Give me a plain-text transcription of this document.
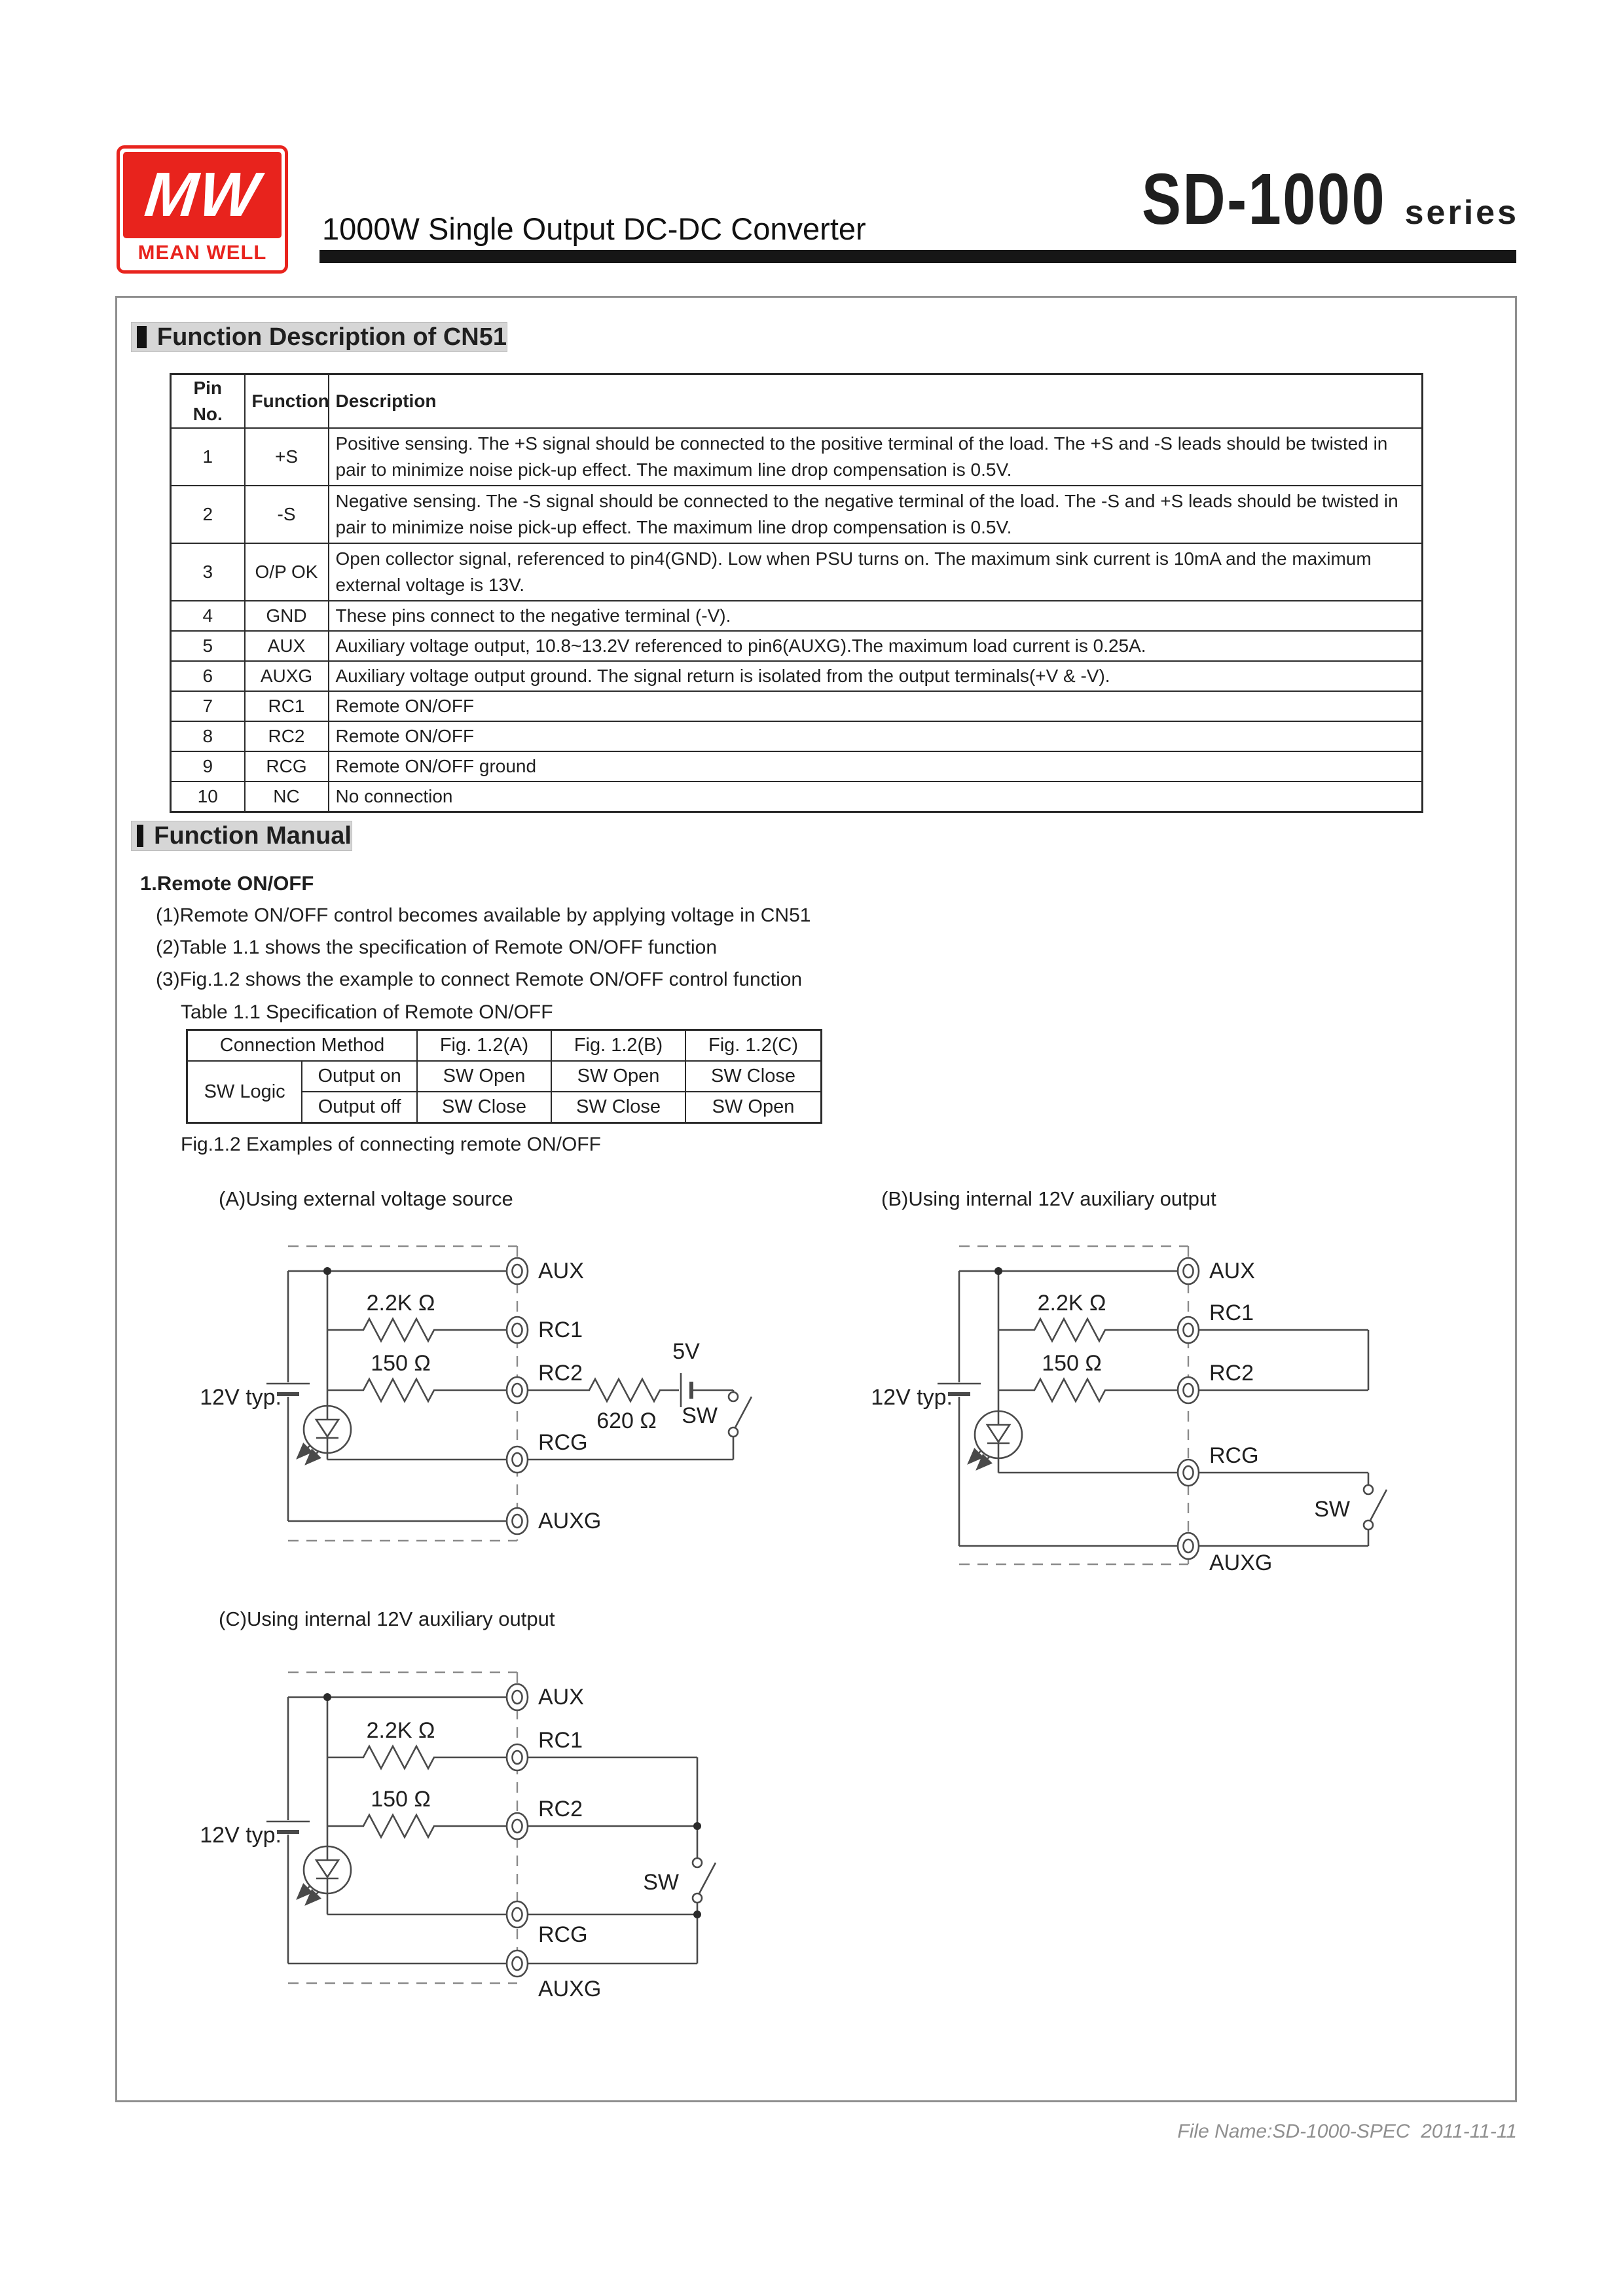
MW
MEAN WELL
1000W Single Output DC-DC Converter	SD-1000 series
Function Description of CN51
Pin No.	Function	Description
1	+S	Positive sensing. The +S signal should be connected to the positive terminal of the load. The +S and -S leads should be twisted in pair to minimize noise pick-up effect. The maximum line drop compensation is 0.5V.
2	-S	Negative sensing. The -S signal should be connected to the negative terminal of the load. The -S and +S leads should be twisted in pair to minimize noise pick-up effect. The maximum line drop compensation is 0.5V.
3	O/P OK	Open collector signal, referenced to pin4(GND). Low when PSU turns on. The maximum sink current is 10mA and the maximum external voltage is 13V.
4	GND	These pins connect to the negative terminal (-V).
5	AUX	Auxiliary voltage output, 10.8~13.2V referenced to pin6(AUXG).The maximum load current is 0.25A.
6	AUXG	Auxiliary voltage output ground. The signal return is isolated from the output terminals(+V & -V).
7	RC1	Remote ON/OFF
8	RC2	Remote ON/OFF
9	RCG	Remote ON/OFF ground
10	NC	No connection
Function Manual
1.Remote ON/OFF
(1)Remote ON/OFF control becomes available by applying voltage in CN51
(2)Table 1.1 shows the specification of Remote ON/OFF function
(3)Fig.1.2 shows the example to connect Remote ON/OFF control function
Table 1.1 Specification of Remote ON/OFF
Connection Method		Fig. 1.2(A)	Fig. 1.2(B)	Fig. 1.2(C)
SW Logic	Output on	SW Open	SW Open	SW Close
	Output off	SW Close	SW Close	SW Open
Fig.1.2 Examples of connecting remote ON/OFF
(A)Using external voltage source	(B)Using internal 12V auxiliary output
(C)Using internal 12V auxiliary output
AUX
RC1
RC2
RCG
AUXG
2.2K Ω
150 Ω
620 Ω
5V
SW
12V typ.
AUX
RC1
RC2
RCG
AUXG
2.2K Ω
150 Ω
SW
12V typ.
AUX
RC1
RC2
RCG
AUXG
2.2K Ω
150 Ω
SW
12V typ.
File Name:SD-1000-SPEC  2011-11-11
